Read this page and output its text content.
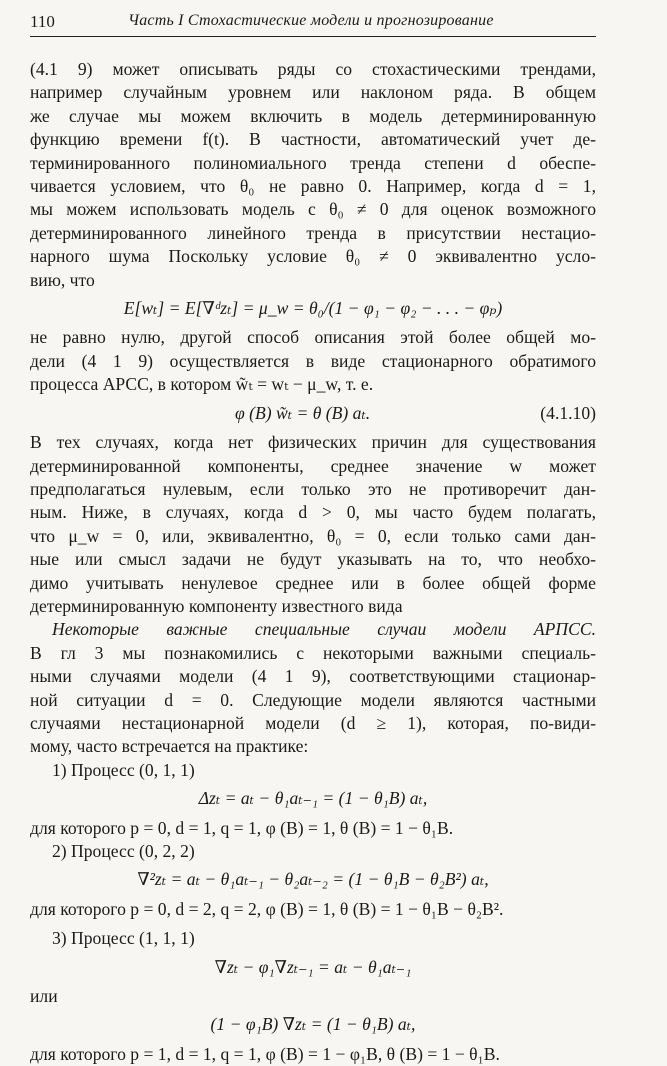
110	Часть I Стохастические модели и прогнозирование
(4.1 9) может описывать ряды со стохастическими трендами,
например случайным уровнем или наклоном ряда. В общем
же случае мы можем включить в модель детерминированную
функцию времени f(t). В частности, автоматический учет де-
терминированного полиномиального тренда степени d обеспе-
чивается условием, что θ₀ не равно 0. Например, когда d = 1,
мы можем использовать модель с θ₀ ≠ 0 для оценок возможного
детерминированного линейного тренда в присутствии нестацио-
нарного шума Поскольку условие θ₀ ≠ 0 эквивалентно усло-
вию, что
E[wₜ] = E[∇ᵈzₜ] = μ_w = θ₀/(1 − φ₁ − φ₂ − . . . − φₚ)
не равно нулю, другой способ описания этой более общей мо-
дели (4 1 9) осуществляется в виде стационарного обратимого
процесса АРСС, в котором w̃ₜ = wₜ − μ_w, т. е.
φ (B) w̃ₜ = θ (B) aₜ.	(4.1.10)
В тех случаях, когда нет физических причин для существования
детерминированной компоненты, среднее значение w может
предполагаться нулевым, если только это не противоречит дан-
ным. Ниже, в случаях, когда d > 0, мы часто будем полагать,
что μ_w = 0, или, эквивалентно, θ₀ = 0, если только сами дан-
ные или смысл задачи не будут указывать на то, что необхо-
димо учитывать ненулевое среднее или в более общей форме
детерминированную компоненту известного вида
Некоторые важные специальные случаи модели АРПСС.
В гл 3 мы познакомились с некоторыми важными специаль-
ными случаями модели (4 1 9), соответствующими стационар-
ной ситуации d = 0. Следующие модели являются частными
случаями нестационарной модели (d ≥ 1), которая, по-види-
мому, часто встречается на практике:
1) Процесс (0, 1, 1)
Δzₜ = aₜ − θ₁aₜ₋₁ = (1 − θ₁B) aₜ,
для которого p = 0, d = 1, q = 1, φ (B) = 1, θ (B) = 1 − θ₁B.
2) Процесс (0, 2, 2)
∇²zₜ = aₜ − θ₁aₜ₋₁ − θ₂aₜ₋₂ = (1 − θ₁B − θ₂B²) aₜ,
для которого p = 0, d = 2, q = 2, φ (B) = 1, θ (B) = 1 − θ₁B − θ₂B².
3) Процесс (1, 1, 1)
∇zₜ − φ₁∇zₜ₋₁ = aₜ − θ₁aₜ₋₁
или
(1 − φ₁B) ∇zₜ = (1 − θ₁B) aₜ,
для которого p = 1, d = 1, q = 1, φ (B) = 1 − φ₁B, θ (B) = 1 − θ₁B.
